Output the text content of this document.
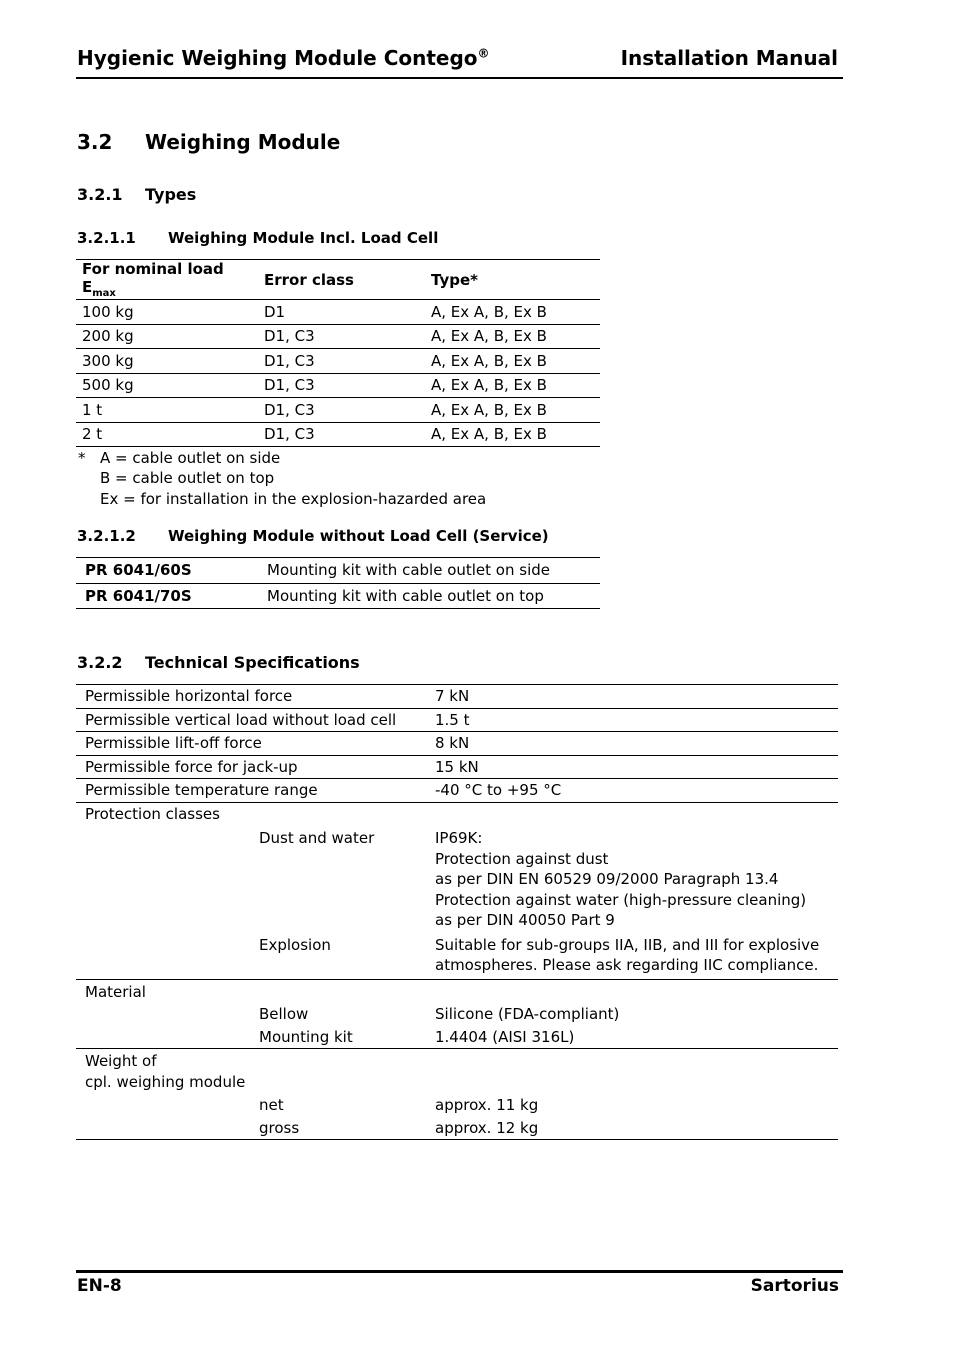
Hygienic Weighing Module Contego®	Installation Manual
3.2 Weighing Module
3.2.1 Types
3.2.1.1 Weighing Module Incl. Load Cell
For nominal load $E_{max}$	Error class	Type*
100 kg	D1	A, Ex A, B, Ex B
200 kg	D1, C3	A, Ex A, B, Ex B
300 kg	D1, C3	A, Ex A, B, Ex B
500 kg	D1, C3	A, Ex A, B, Ex B
1 t	D1, C3	A, Ex A, B, Ex B
2 t	D1, C3	A, Ex A, B, Ex B
* A = cable outlet on side
B = cable outlet on top
Ex = for installation in the explosion-hazarded area
3.2.1.2 Weighing Module without Load Cell (Service)
PR 6041/60S	Mounting kit with cable outlet on side
PR 6041/70S	Mounting kit with cable outlet on top
3.2.2 Technical Specifications
Permissible horizontal force		7 kN
Permissible vertical load without load cell		1.5 t
Permissible lift-off force		8 kN
Permissible force for jack-up		15 kN
Permissible temperature range		-40 °C to +95 °C
Protection classes		
	Dust and water	IP69K:
Protection against dust
as per DIN EN 60529 09/2000 Paragraph 13.4
Protection against water (high-pressure cleaning)
as per DIN 40050 Part 9

	Explosion	Suitable for sub-groups IIA, IIB, and III for explosive
atmospheres. Please ask regarding IIC compliance.

Material		
	Bellow	Silicone (FDA-compliant)
	Mounting kit	1.4404 (AISI 316L)

Weight of
cpl. weighing module		

	net	approx. 11 kg
	gross	approx. 12 kg
EN-8	Sartorius
